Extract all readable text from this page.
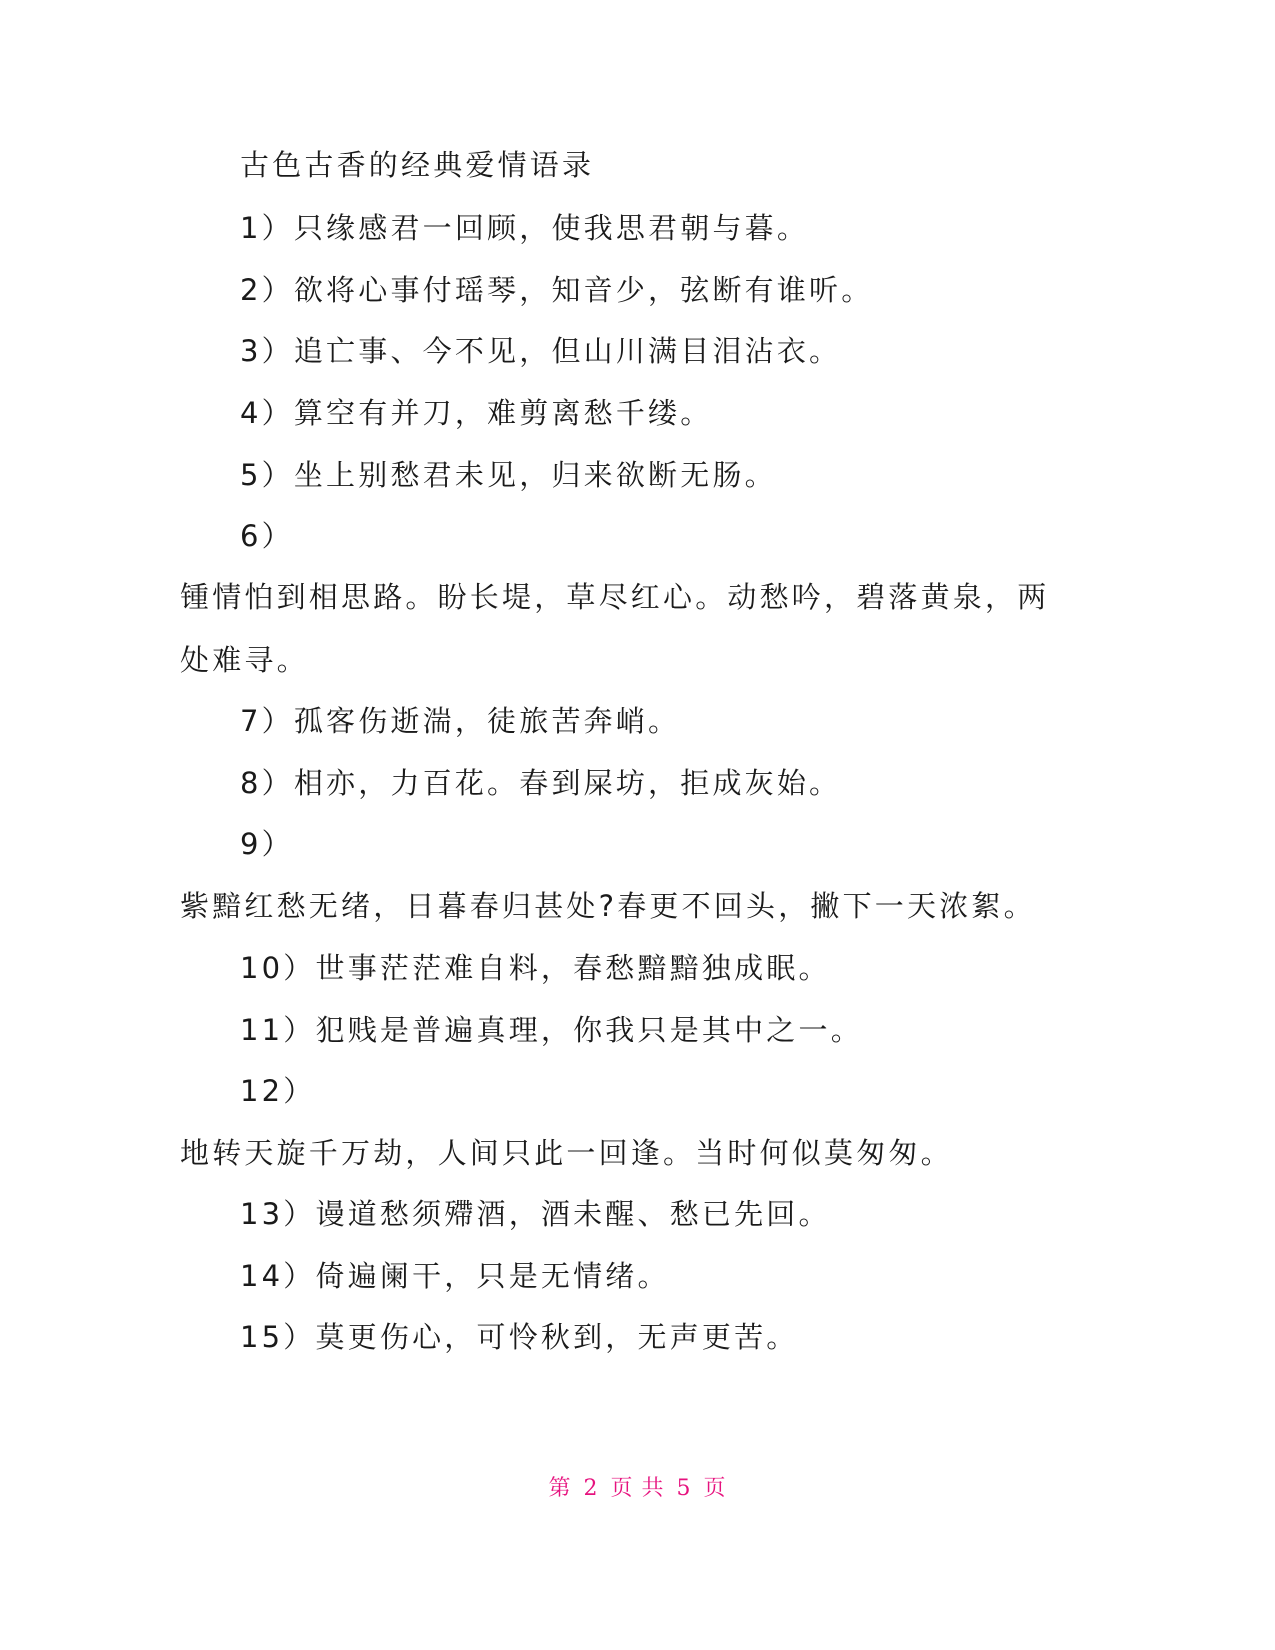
古色古香的经典爱情语录
1）只缘感君一回顾，使我思君朝与暮。
2）欲将心事付瑶琴，知音少，弦断有谁听。
3）追亡事、今不见，但山川满目泪沾衣。
4）算空有并刀，难剪离愁千缕。
5）坐上别愁君未见，归来欲断无肠。
6）
锺情怕到相思路。盼长堤，草尽红心。动愁吟，碧落黄泉，两
处难寻。
7）孤客伤逝湍，徒旅苦奔峭。
8）相亦，力百花。春到屎坊，拒成灰始。
9）
紫黯红愁无绪，日暮春归甚处?春更不回头，撇下一天浓絮。
10）世事茫茫难自料，春愁黯黯独成眠。
11）犯贱是普遍真理，你我只是其中之一。
12）
地转天旋千万劫，人间只此一回逢。当时何似莫匆匆。
13）谩道愁须殢酒，酒未醒、愁已先回。
14）倚遍阑干，只是无情绪。
15）莫更伤心，可怜秋到，无声更苦。
第 2 页 共 5 页
